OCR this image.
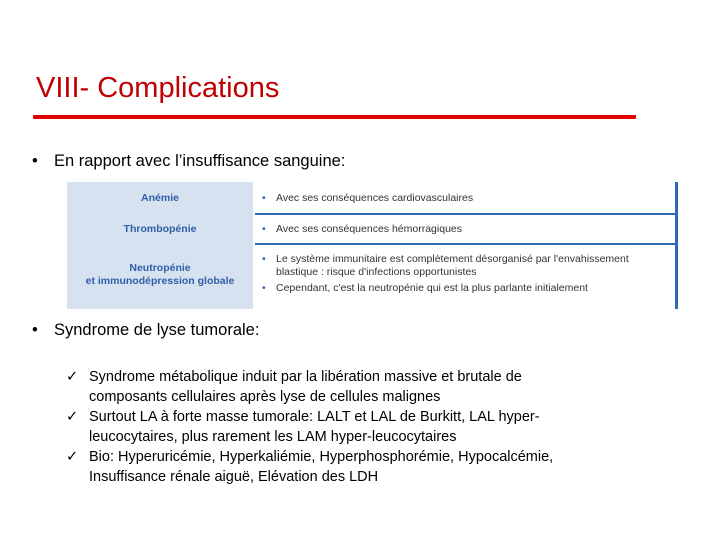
VIII- Complications
• En rapport avec l’insuffisance sanguine:
Anémie	• Avec ses conséquences cardiovasculaires
Thrombopénie	• Avec ses conséquences hémorragiques
Neutropénie
et immunodépression globale
• Le système immunitaire est complètement désorganisé par l'envahissement
blastique : risque d'infections opportunistes
• Cependant, c'est la neutropénie qui est la plus parlante initialement
• Syndrome de lyse tumorale:
✓ Syndrome métabolique induit par la libération massive et brutale de
composants cellulaires après lyse de cellules malignes
✓ Surtout LA à forte masse tumorale: LALT et LAL de Burkitt, LAL hyper-
leucocytaires, plus rarement les LAM hyper-leucocytaires
✓ Bio: Hyperuricémie, Hyperkaliémie, Hyperphosphorémie, Hypocalcémie,
Insuffisance rénale aiguë, Elévation des LDH
